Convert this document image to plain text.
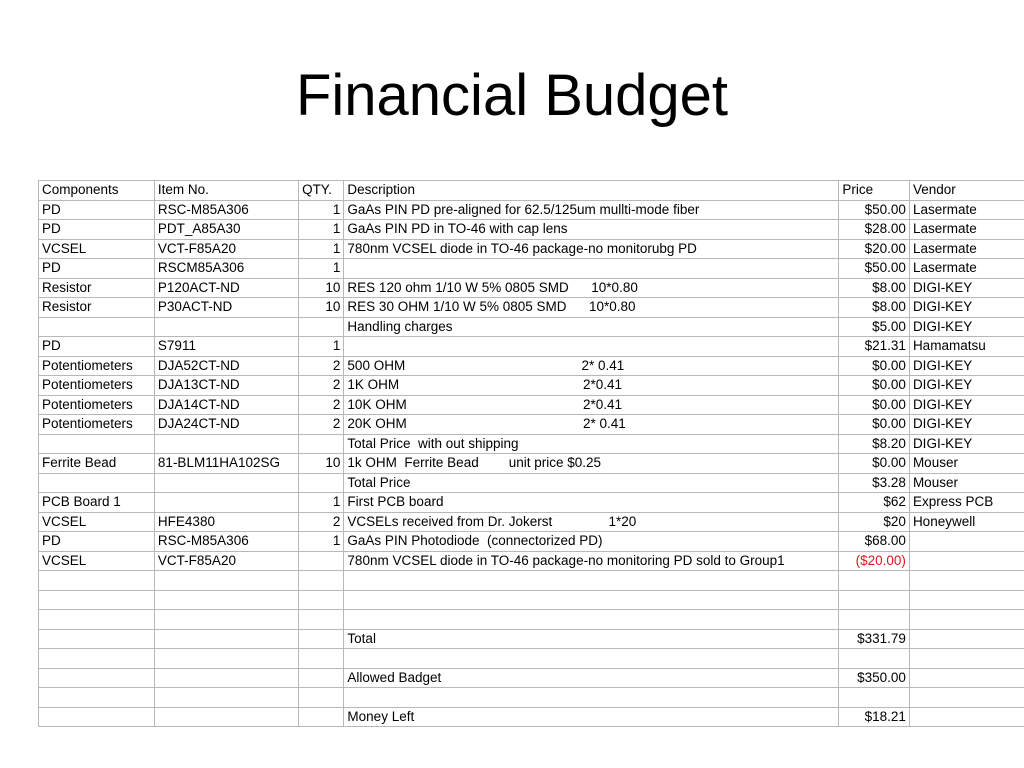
Financial Budget
Components	Item No.	QTY.	Description	Price	Vendor
PD	RSC-M85A306	1	GaAs PIN PD pre-aligned for 62.5/125um mullti-mode fiber	$50.00	Lasermate
PD	PDT_A85A30	1	GaAs PIN PD in TO-46 with cap lens	$28.00	Lasermate
VCSEL	VCT-F85A20	1	780nm VCSEL diode in TO-46 package-no monitorubg PD	$20.00	Lasermate
PD	RSCM85A306	1		$50.00	Lasermate
Resistor	P120ACT-ND	10	RES 120 ohm 1/10 W 5% 0805 SMD      10*0.80	$8.00	DIGI-KEY
Resistor	P30ACT-ND	10	RES 30 OHM 1/10 W 5% 0805 SMD      10*0.80	$8.00	DIGI-KEY
			Handling charges	$5.00	DIGI-KEY
PD	S7911	1		$21.31	Hamamatsu
Potentiometers	DJA52CT-ND	2	500 OHM                                               2* 0.41	$0.00	DIGI-KEY
Potentiometers	DJA13CT-ND	2	1K OHM                                                 2*0.41	$0.00	DIGI-KEY
Potentiometers	DJA14CT-ND	2	10K OHM                                               2*0.41	$0.00	DIGI-KEY
Potentiometers	DJA24CT-ND	2	20K OHM                                               2* 0.41	$0.00	DIGI-KEY
			Total Price  with out shipping	$8.20	DIGI-KEY
Ferrite Bead	81-BLM11HA102SG	10	1k OHM  Ferrite Bead        unit price $0.25	$0.00	Mouser
			Total Price	$3.28	Mouser
PCB Board 1		1	First PCB board	$62	Express PCB
VCSEL	HFE4380	2	VCSELs received from Dr. Jokerst               1*20	$20	Honeywell
PD	RSC-M85A306	1	GaAs PIN Photodiode  (connectorized PD)	$68.00	
VCSEL	VCT-F85A20		780nm VCSEL diode in TO-46 package-no monitoring PD sold to Group1	($20.00)	

			Total	$331.79	

			Allowed Badget	$350.00	

			Money Left	$18.21	
